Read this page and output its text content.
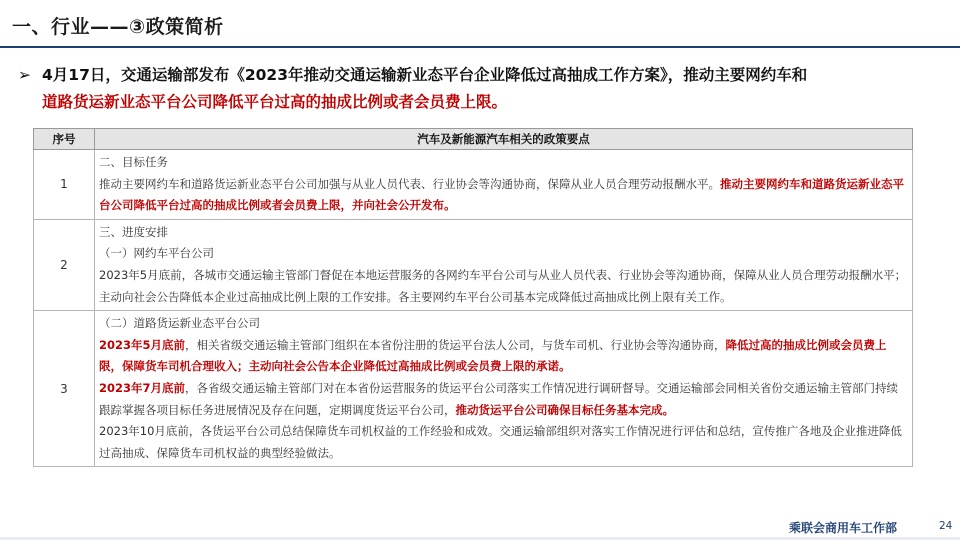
一、行业——③政策简析
➢ 4月17日，交通运输部发布《2023年推动交通运输新业态平台企业降低过高抽成工作方案》，推动主要网约车和
道路货运新业态平台公司降低平台过高的抽成比例或者会员费上限。
序号	汽车及新能源汽车相关的政策要点
1	二、目标任务
推动主要网约车和道路货运新业态平台公司加强与从业人员代表、行业协会等沟通协商，保障从业人员合理劳动报酬水平。推动主要网约车和道路货运新业态平台公司降低平台过高的抽成比例或者会员费上限，并向社会公开发布。

2	三、进度安排
（一）网约车平台公司
2023年5月底前，各城市交通运输主管部门督促在本地运营服务的各网约车平台公司与从业人员代表、行业协会等沟通协商，保障从业人员合理劳动报酬水平；主动向社会公告降低本企业过高抽成比例上限的工作安排。各主要网约车平台公司基本完成降低过高抽成比例上限有关工作。

3	（二）道路货运新业态平台公司
2023年5月底前，相关省级交通运输主管部门组织在本省份注册的货运平台法人公司，与货车司机、行业协会等沟通协商，降低过高的抽成比例或会员费上限，保障货车司机合理收入；主动向社会公告本企业降低过高抽成比例或会员费上限的承诺。
2023年7月底前，各省级交通运输主管部门对在本省份运营服务的货运平台公司落实工作情况进行调研督导。交通运输部会同相关省份交通运输主管部门持续跟踪掌握各项目标任务进展情况及存在问题，定期调度货运平台公司，推动货运平台公司确保目标任务基本完成。
2023年10月底前，各货运平台公司总结保障货车司机权益的工作经验和成效。交通运输部组织对落实工作情况进行评估和总结，宣传推广各地及企业推进降低过高抽成、保障货车司机权益的典型经验做法。
乘联会商用车工作部	24
